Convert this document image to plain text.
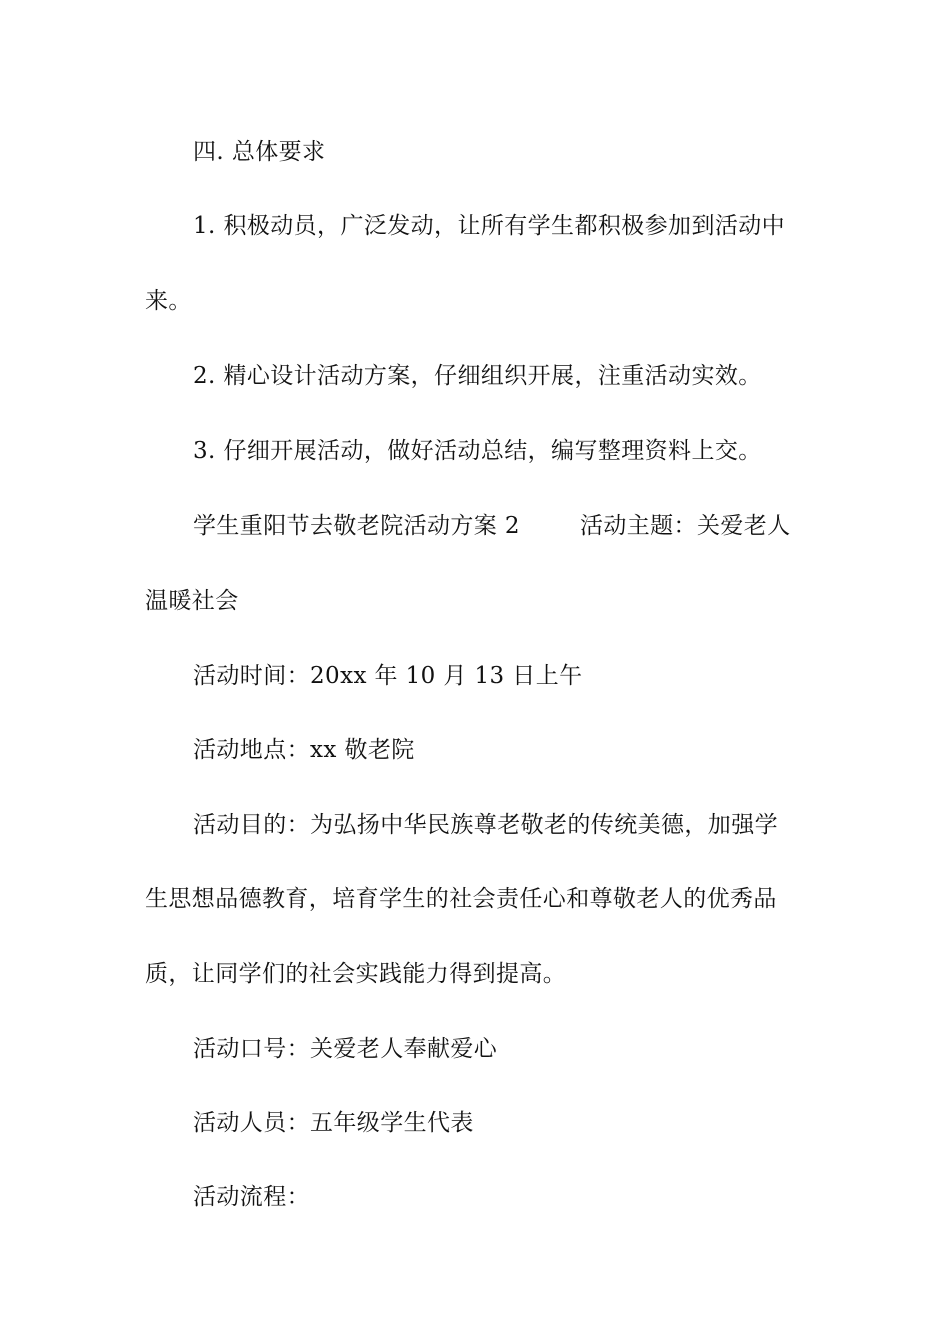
四. 总体要求
1. 积极动员，广泛发动，让所有学生都积极参加到活动中
来。
2. 精心设计活动方案，仔细组织开展，注重活动实效。
3. 仔细开展活动，做好活动总结，编写整理资料上交。
学生重阳节去敬老院活动方案 2	活动主题：关爱老人
温暖社会
活动时间：20xx 年 10 月 13 日上午
活动地点：xx 敬老院
活动目的：为弘扬中华民族尊老敬老的传统美德，加强学
生思想品德教育，培育学生的社会责任心和尊敬老人的优秀品
质，让同学们的社会实践能力得到提高。
活动口号：关爱老人奉献爱心
活动人员：五年级学生代表
活动流程：
